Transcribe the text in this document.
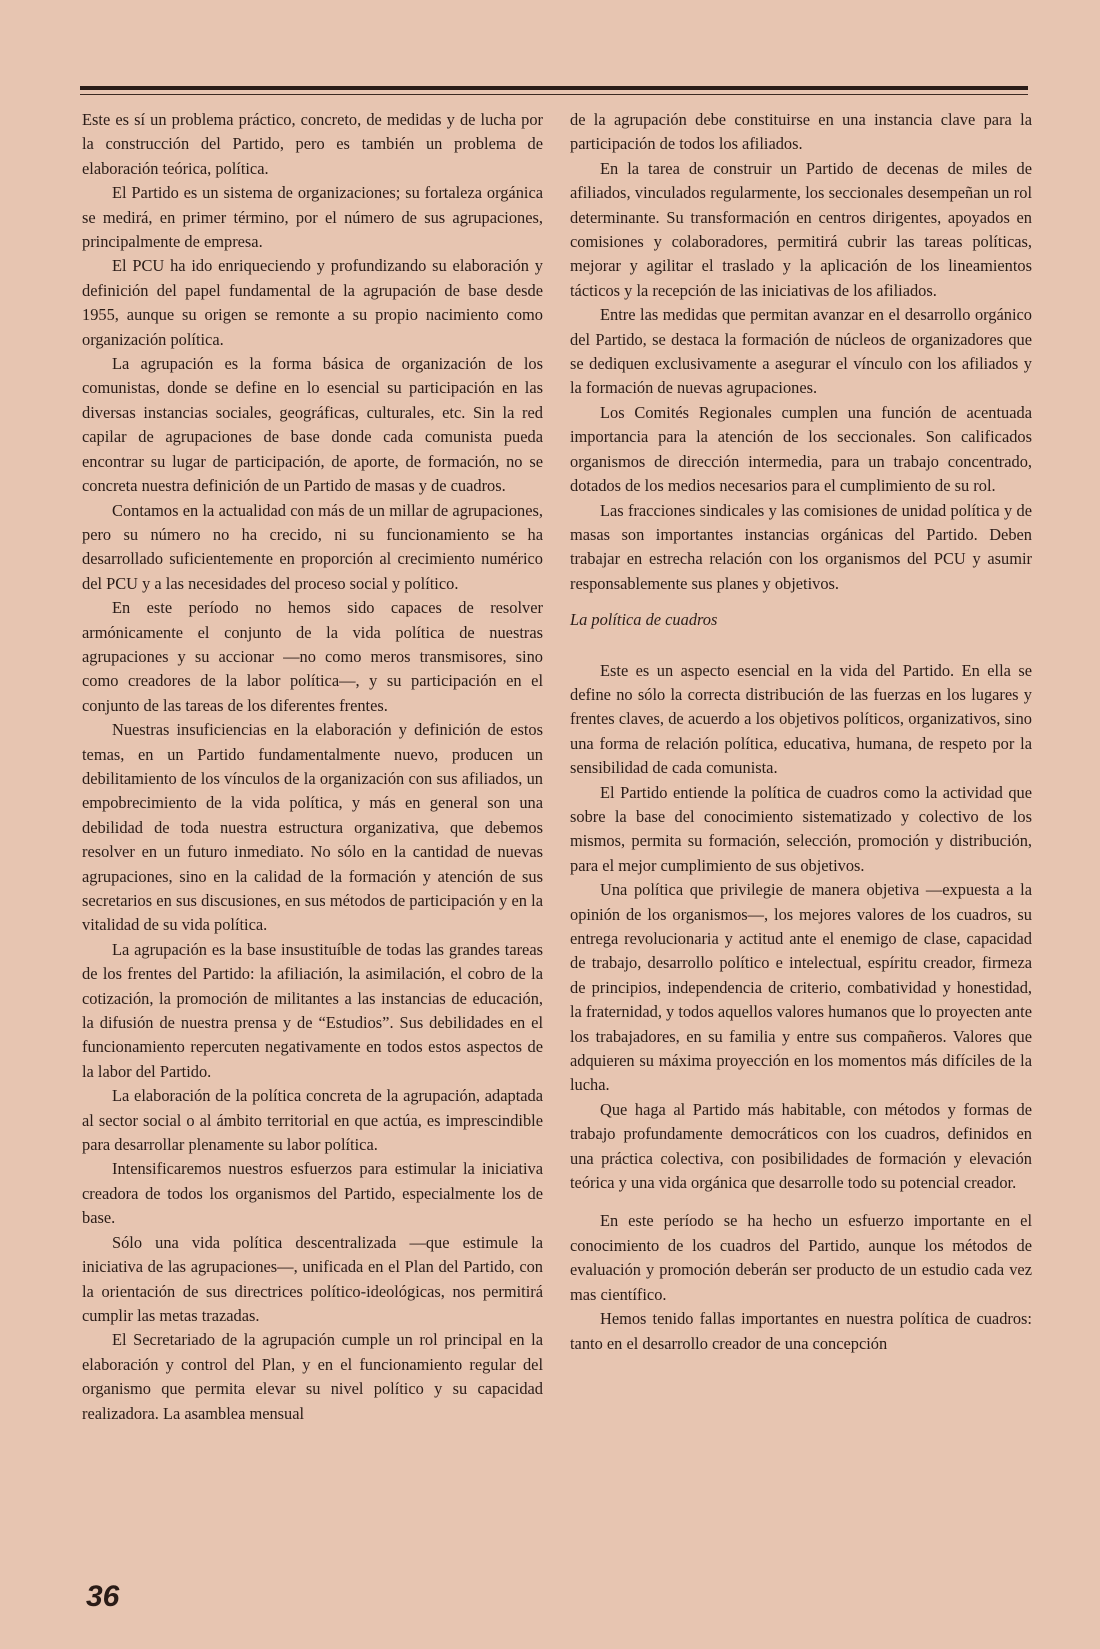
Este es sí un problema práctico, concreto, de medidas y de lucha por la construcción del Partido, pero es también un problema de elaboración teórica, política.

El Partido es un sistema de organizaciones; su fortaleza orgánica se medirá, en primer término, por el número de sus agrupaciones, principalmente de empresa.

El PCU ha ido enriqueciendo y profundizando su elaboración y definición del papel fundamental de la agrupación de base desde 1955, aunque su origen se remonte a su propio nacimiento como organización política.

La agrupación es la forma básica de organización de los comunistas, donde se define en lo esencial su participación en las diversas instancias sociales, geográficas, culturales, etc. Sin la red capilar de agrupaciones de base donde cada comunista pueda encontrar su lugar de participación, de aporte, de formación, no se concreta nuestra definición de un Partido de masas y de cuadros.

Contamos en la actualidad con más de un millar de agrupaciones, pero su número no ha crecido, ni su funcionamiento se ha desarrollado suficientemente en proporción al crecimiento numérico del PCU y a las necesidades del proceso social y político.

En este período no hemos sido capaces de resolver armónicamente el conjunto de la vida política de nuestras agrupaciones y su accionar —no como meros transmisores, sino como creadores de la labor política—, y su participación en el conjunto de las tareas de los diferentes frentes.

Nuestras insuficiencias en la elaboración y definición de estos temas, en un Partido fundamentalmente nuevo, producen un debilitamiento de los vínculos de la organización con sus afiliados, un empobrecimiento de la vida política, y más en general son una debilidad de toda nuestra estructura organizativa, que debemos resolver en un futuro inmediato. No sólo en la cantidad de nuevas agrupaciones, sino en la calidad de la formación y atención de sus secretarios en sus discusiones, en sus métodos de participación y en la vitalidad de su vida política.

La agrupación es la base insustituíble de todas las grandes tareas de los frentes del Partido: la afiliación, la asimilación, el cobro de la cotización, la promoción de militantes a las instancias de educación, la difusión de nuestra prensa y de “Estudios”. Sus debilidades en el funcionamiento repercuten negativamente en todos estos aspectos de la labor del Partido.

La elaboración de la política concreta de la agrupación, adaptada al sector social o al ámbito territorial en que actúa, es imprescindible para desarrollar plenamente su labor política.

Intensificaremos nuestros esfuerzos para estimular la iniciativa creadora de todos los organismos del Partido, especialmente los de base.

Sólo una vida política descentralizada —que estimule la iniciativa de las agrupaciones—, unificada en el Plan del Partido, con la orientación de sus directrices político-ideológicas, nos permitirá cumplir las metas trazadas.

El Secretariado de la agrupación cumple un rol principal en la elaboración y control del Plan, y en el funcionamiento regular del organismo que permita elevar su nivel político y su capacidad realizadora. La asamblea mensual

de la agrupación debe constituirse en una instancia clave para la participación de todos los afiliados.

En la tarea de construir un Partido de decenas de miles de afiliados, vinculados regularmente, los seccionales desempeñan un rol determinante. Su transformación en centros dirigentes, apoyados en comisiones y colaboradores, permitirá cubrir las tareas políticas, mejorar y agilitar el traslado y la aplicación de los lineamientos tácticos y la recepción de las iniciativas de los afiliados.

Entre las medidas que permitan avanzar en el desarrollo orgánico del Partido, se destaca la formación de núcleos de organizadores que se dediquen exclusivamente a asegurar el vínculo con los afiliados y la formación de nuevas agrupaciones.

Los Comités Regionales cumplen una función de acentuada importancia para la atención de los seccionales. Son calificados organismos de dirección intermedia, para un trabajo concentrado, dotados de los medios necesarios para el cumplimiento de su rol.

Las fracciones sindicales y las comisiones de unidad política y de masas son importantes instancias orgánicas del Partido. Deben trabajar en estrecha relación con los organismos del PCU y asumir responsablemente sus planes y objetivos.

La política de cuadros

Este es un aspecto esencial en la vida del Partido. En ella se define no sólo la correcta distribución de las fuerzas en los lugares y frentes claves, de acuerdo a los objetivos políticos, organizativos, sino una forma de relación política, educativa, humana, de respeto por la sensibilidad de cada comunista.

El Partido entiende la política de cuadros como la actividad que sobre la base del conocimiento sistematizado y colectivo de los mismos, permita su formación, selección, promoción y distribución, para el mejor cumplimiento de sus objetivos.

Una política que privilegie de manera objetiva —expuesta a la opinión de los organismos—, los mejores valores de los cuadros, su entrega revolucionaria y actitud ante el enemigo de clase, capacidad de trabajo, desarrollo político e intelectual, espíritu creador, firmeza de principios, independencia de criterio, combatividad y honestidad, la fraternidad, y todos aquellos valores humanos que lo proyecten ante los trabajadores, en su familia y entre sus compañeros. Valores que adquieren su máxima proyección en los momentos más difíciles de la lucha.

Que haga al Partido más habitable, con métodos y formas de trabajo profundamente democráticos con los cuadros, definidos en una práctica colectiva, con posibilidades de formación y elevación teórica y una vida orgánica que desarrolle todo su potencial creador.

En este período se ha hecho un esfuerzo importante en el conocimiento de los cuadros del Partido, aunque los métodos de evaluación y promoción deberán ser producto de un estudio cada vez mas científico.

Hemos tenido fallas importantes en nuestra política de cuadros: tanto en el desarrollo creador de una concepción

36
